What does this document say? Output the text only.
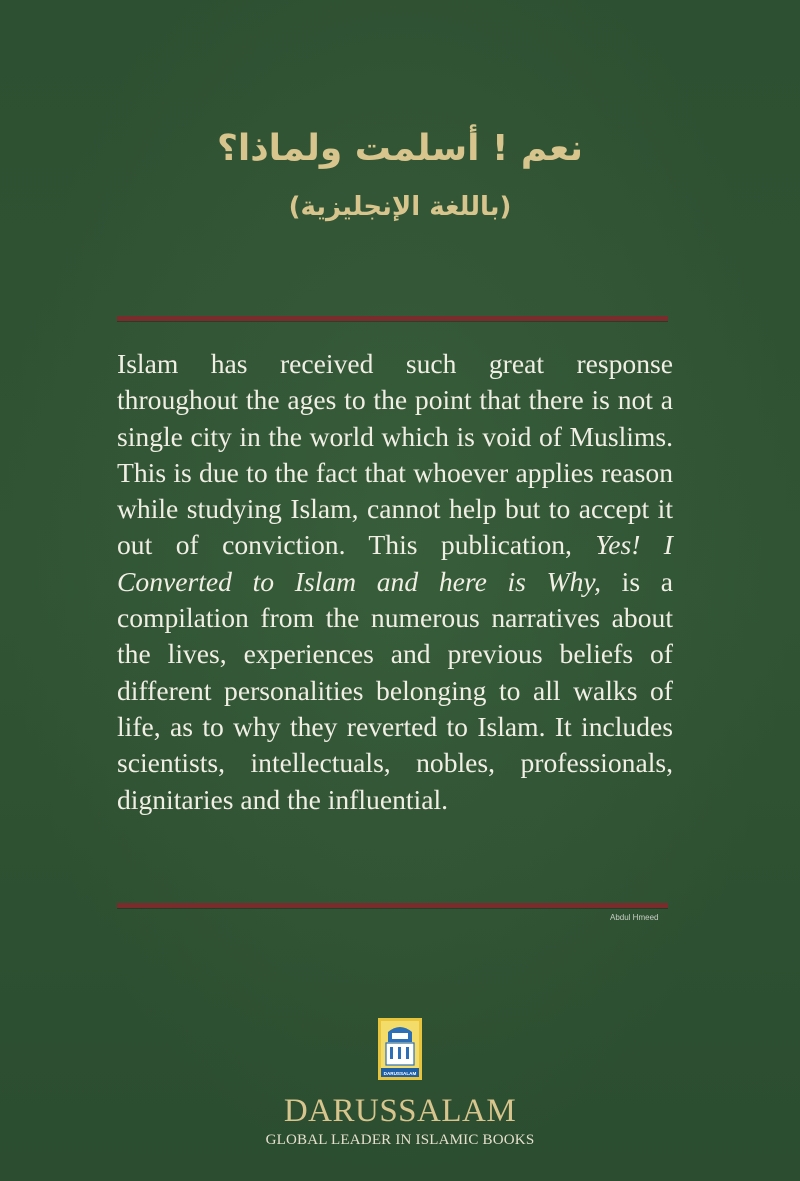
نعم ! أسلمت ولماذا؟
(باللغة الإنجليزية)

Islam has received such great response throughout the ages to the point that there is not a single city in the world which is void of Muslims. This is due to the fact that whoever applies reason while studying Islam, cannot help but to accept it out of conviction. This publication, Yes! I Converted to Islam and here is Why, is a compilation from the numerous narratives about the lives, experiences and previous beliefs of different personalities belonging to all walks of life, as to why they reverted to Islam. It includes scientists, intellectuals, nobles, professionals, dignitaries and the influential.

Abdul Hmeed
DARUSSALAM
DARUSSALAM
GLOBAL LEADER IN ISLAMIC BOOKS
